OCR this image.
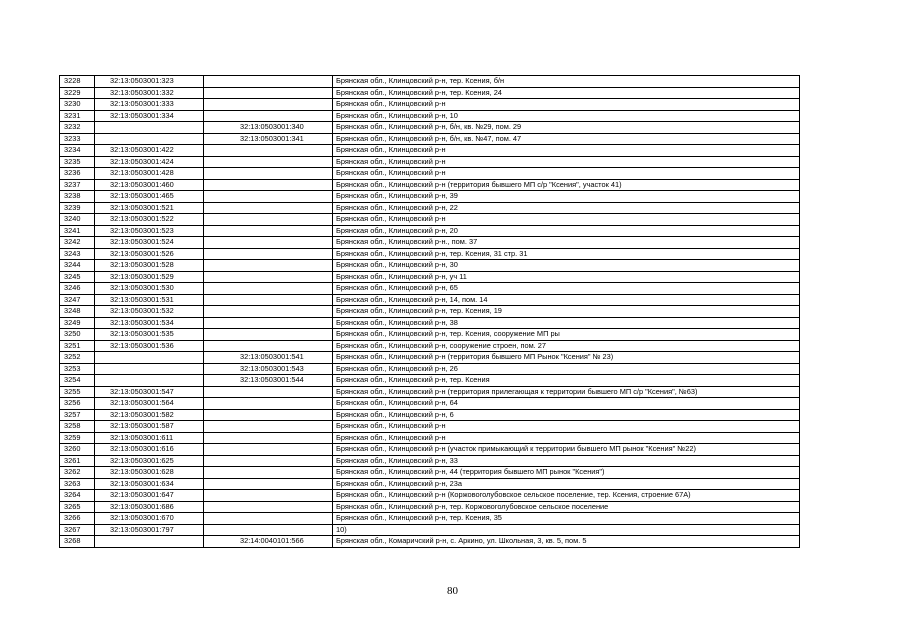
3228	32:13:0503001:323		Брянская обл., Клинцовский р-н, тер. Ксения, б/н
3229	32:13:0503001:332		Брянская обл., Клинцовский р-н, тер. Ксения, 24
3230	32:13:0503001:333		Брянская обл., Клинцовский р-н
3231	32:13:0503001:334		Брянская обл., Клинцовский р-н, 10
3232		32:13:0503001:340	Брянская обл., Клинцовский р-н, б/н, кв. №29, пом. 29
3233		32:13:0503001:341	Брянская обл., Клинцовский р-н, б/н, кв. №47, пом. 47
3234	32:13:0503001:422		Брянская обл., Клинцовский р-н
3235	32:13:0503001:424		Брянская обл., Клинцовский р-н
3236	32:13:0503001:428		Брянская обл., Клинцовский р-н
3237	32:13:0503001:460		Брянская обл., Клинцовский р-н (территория бывшего МП с/р "Ксения", участок 41)
3238	32:13:0503001:465		Брянская обл., Клинцовский р-н, 39
3239	32:13:0503001:521		Брянская обл., Клинцовский р-н, 22
3240	32:13:0503001:522		Брянская обл., Клинцовский р-н
3241	32:13:0503001:523		Брянская обл., Клинцовский р-н, 20
3242	32:13:0503001:524		Брянская обл., Клинцовский р-н., пом. 37
3243	32:13:0503001:526		Брянская обл., Клинцовский р-н, тер. Ксения, 31 стр. 31
3244	32:13:0503001:528		Брянская обл., Клинцовский р-н, 30
3245	32:13:0503001:529		Брянская обл., Клинцовский р-н, уч 11
3246	32:13:0503001:530		Брянская обл., Клинцовский р-н, 65
3247	32:13:0503001:531		Брянская обл., Клинцовский р-н, 14, пом. 14
3248	32:13:0503001:532		Брянская обл., Клинцовский р-н, тер. Ксения, 19
3249	32:13:0503001:534		Брянская обл., Клинцовский р-н, 38
3250	32:13:0503001:535		Брянская обл., Клинцовский р-н, тер. Ксения, сооружение МП ры
3251	32:13:0503001:536		Брянская обл., Клинцовский р-н, сооружение строен, пом. 27
3252		32:13:0503001:541	Брянская обл., Клинцовский р-н (территория бывшего МП Рынок "Ксения" № 23)
3253		32:13:0503001:543	Брянская обл., Клинцовский р-н, 26
3254		32:13:0503001:544	Брянская обл., Клинцовский р-н, тер. Ксения
3255	32:13:0503001:547		Брянская обл., Клинцовский р-н (территория прилегающая к территории бывшего МП с/р "Ксения", №63)
3256	32:13:0503001:564		Брянская обл., Клинцовский р-н, 64
3257	32:13:0503001:582		Брянская обл., Клинцовский р-н, 6
3258	32:13:0503001:587		Брянская обл., Клинцовский р-н
3259	32:13:0503001:611		Брянская обл., Клинцовский р-н
3260	32:13:0503001:616		Брянская обл., Клинцовский р-н (участок примыкающий к территории бывшего МП рынок "Ксения" №22)
3261	32:13:0503001:625		Брянская обл., Клинцовский р-н, 33
3262	32:13:0503001:628		Брянская обл., Клинцовский р-н, 44 (территория бывшего МП рынок "Ксения")
3263	32:13:0503001:634		Брянская обл., Клинцовский р-н, 23а
3264	32:13:0503001:647		Брянская обл., Клинцовский р-н (Коржовоголубовское сельское поселение, тер. Ксения, строение 67А)
3265	32:13:0503001:686		Брянская обл., Клинцовский р-н, тер. Коржовоголубовское сельское поселение
3266	32:13:0503001:670		Брянская обл., Клинцовский р-н, тер. Ксения, 35
3267	32:13:0503001:797		10)
3268		32:14:0040101:566	Брянская обл., Комаричский р-н, с. Аркино, ул. Школьная, 3, кв. 5, пом. 5
80
